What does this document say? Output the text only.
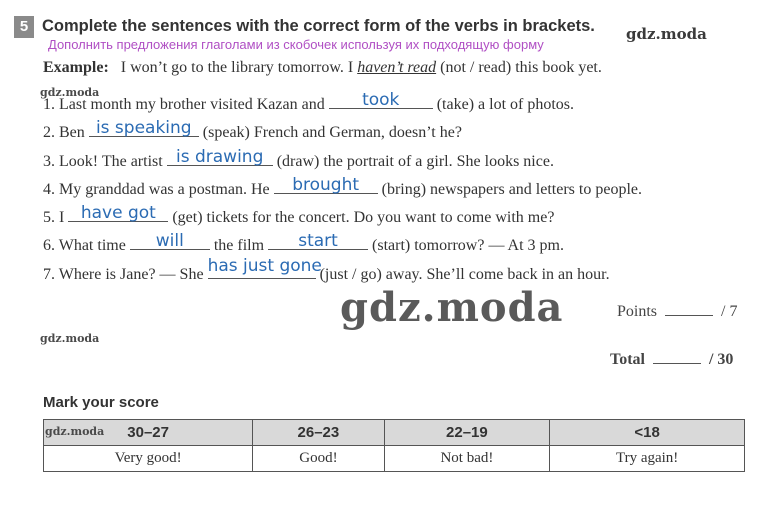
gdz.moda
gdz.moda
gdz.moda
gdz.moda
5 Complete the sentences with the correct form of the verbs in brackets.
Дополнить предложения глаголами из скобочек используя их подходящую форму
Example: I won’t go to the library tomorrow. I haven’t read (not / read) this book yet.
1. Last month my brother visited Kazan and	took	(take) a lot of photos.
2. Ben is speaking (speak) French and German, doesn’t he?
3. Look! The artist is drawing (draw) the portrait of a girl. She looks nice.
4. My granddad was a postman. He	brought	(bring) newspapers and letters to people.
5. I have got	(get) tickets for the concert. Do you want to come with me?
6. What time	will	the film	start	(start) tomorrow? — At 3 pm.
7. Where is Jane? — She has just gone
(just / go) away. She’ll come back in an hour.
Points	/ 7
Total	/ 30
Mark your score
gdz.moda 30–27	26–23	22–19	<18
Very good!	Good!	Not bad!	Try again!
